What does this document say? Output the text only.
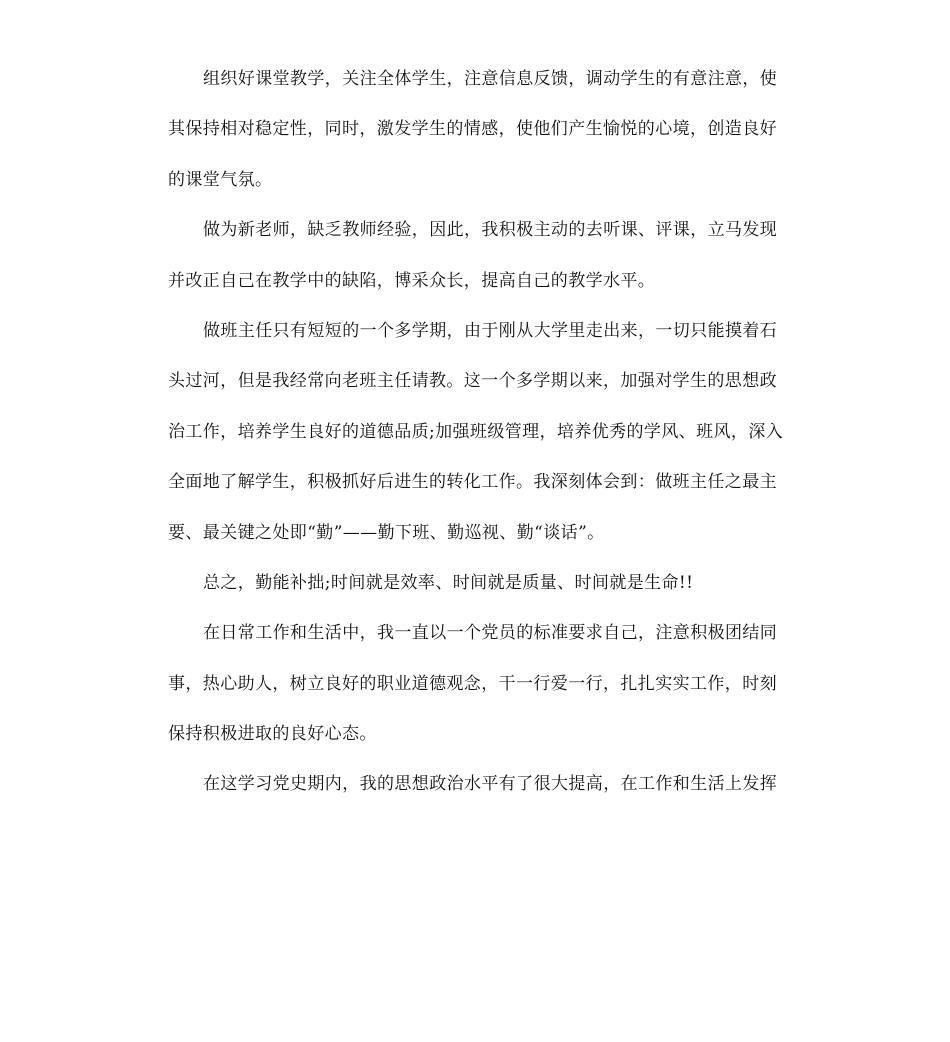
组织好课堂教学，关注全体学生，注意信息反馈，调动学生的有意注意，使
其保持相对稳定性，同时，激发学生的情感，使他们产生愉悦的心境，创造良好
的课堂气氛。
做为新老师，缺乏教师经验，因此，我积极主动的去听课、评课，立马发现
并改正自己在教学中的缺陷，博采众长，提高自己的教学水平。
做班主任只有短短的一个多学期，由于刚从大学里走出来，一切只能摸着石
头过河，但是我经常向老班主任请教。这一个多学期以来，加强对学生的思想政
治工作，培养学生良好的道德品质;加强班级管理，培养优秀的学风、班风，深入
全面地了解学生，积极抓好后进生的转化工作。我深刻体会到：做班主任之最主
要、最关键之处即“勤”——勤下班、勤巡视、勤“谈话”。
总之，勤能补拙;时间就是效率、时间就是质量、时间就是生命!!
在日常工作和生活中，我一直以一个党员的标准要求自己，注意积极团结同
事，热心助人，树立良好的职业道德观念，干一行爱一行，扎扎实实工作，时刻
保持积极进取的良好心态。
在这学习党史期内，我的思想政治水平有了很大提高，在工作和生活上发挥
